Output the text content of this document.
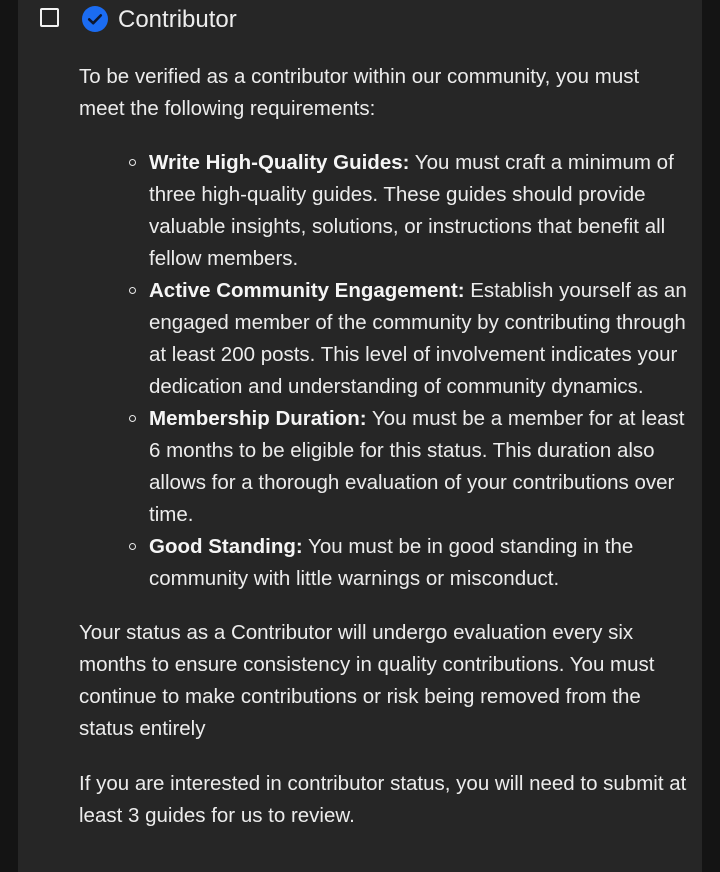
Contributor

To be verified as a contributor within our community, you must meet the following requirements:

Write High-Quality Guides: You must craft a minimum of three high-quality guides. These guides should provide valuable insights, solutions, or instructions that benefit all fellow members.
Active Community Engagement: Establish yourself as an engaged member of the community by contributing through at least 200 posts. This level of involvement indicates your dedication and understanding of community dynamics.
Membership Duration: You must be a member for at least 6 months to be eligible for this status. This duration also allows for a thorough evaluation of your contributions over time.
Good Standing: You must be in good standing in the community with little warnings or misconduct.

Your status as a Contributor will undergo evaluation every six months to ensure consistency in quality contributions. You must continue to make contributions or risk being removed from the status entirely

If you are interested in contributor status, you will need to submit at least 3 guides for us to review.
